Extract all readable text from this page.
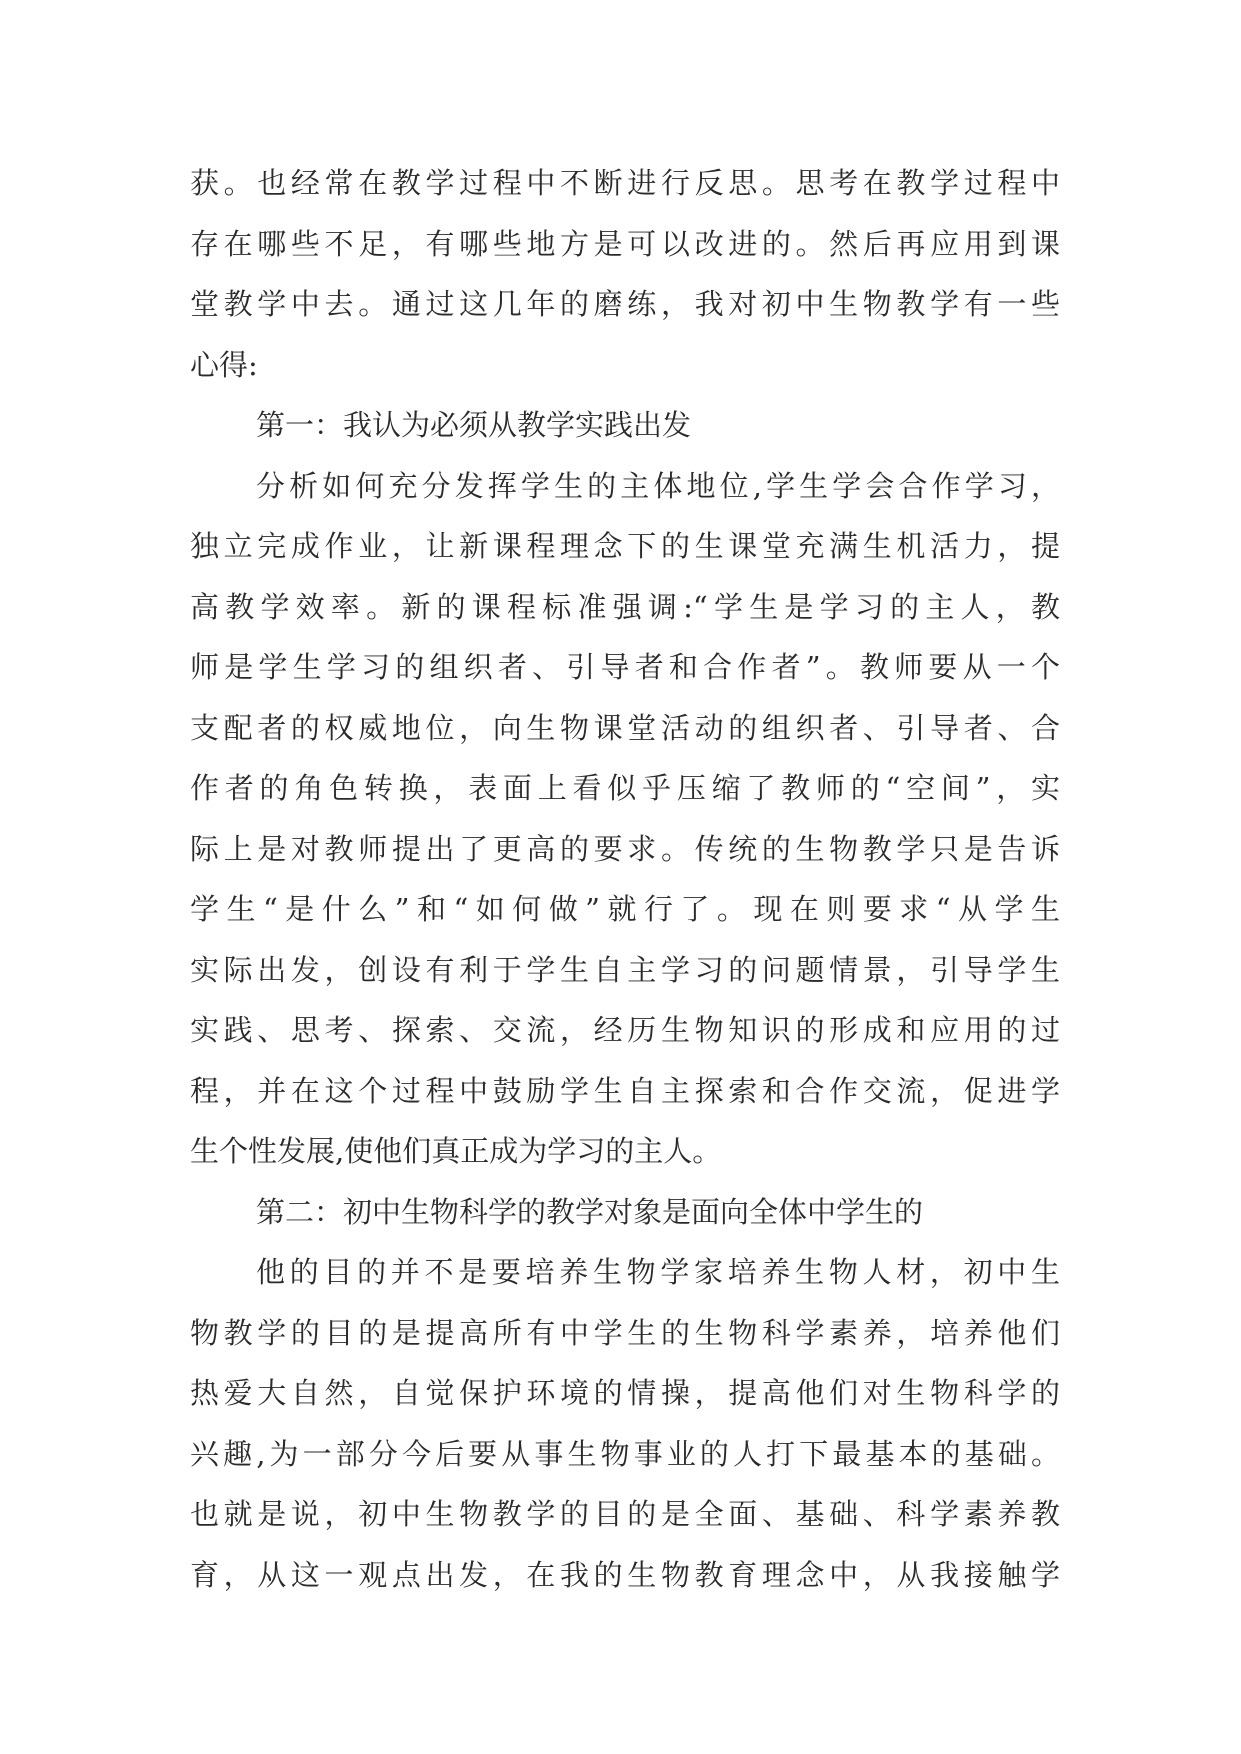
获。也经常在教学过程中不断进行反思。思考在教学过程中
存在哪些不足，有哪些地方是可以改进的。然后再应用到课
堂教学中去。通过这几年的磨练，我对初中生物教学有一些
心得:
第一：我认为必须从教学实践出发
分析如何充分发挥学生的主体地位,学生学会合作学习，
独立完成作业，让新课程理念下的生课堂充满生机活力，提
高教学效率。新的课程标准强调:“学生是学习的主人，教
师是学生学习的组织者、引导者和合作者”。教师要从一个
支配者的权威地位，向生物课堂活动的组织者、引导者、合
作者的角色转换，表面上看似乎压缩了教师的“空间”，实
际上是对教师提出了更高的要求。传统的生物教学只是告诉
学生“是什么”和“如何做”就行了。现在则要求“从学生
实际出发，创设有利于学生自主学习的问题情景，引导学生
实践、思考、探索、交流，经历生物知识的形成和应用的过
程，并在这个过程中鼓励学生自主探索和合作交流，促进学
生个性发展,使他们真正成为学习的主人。
第二：初中生物科学的教学对象是面向全体中学生的
他的目的并不是要培养生物学家培养生物人材，初中生
物教学的目的是提高所有中学生的生物科学素养，培养他们
热爱大自然，自觉保护环境的情操，提高他们对生物科学的
兴趣,为一部分今后要从事生物事业的人打下最基本的基础。
也就是说，初中生物教学的目的是全面、基础、科学素养教
育，从这一观点出发，在我的生物教育理念中，从我接触学
